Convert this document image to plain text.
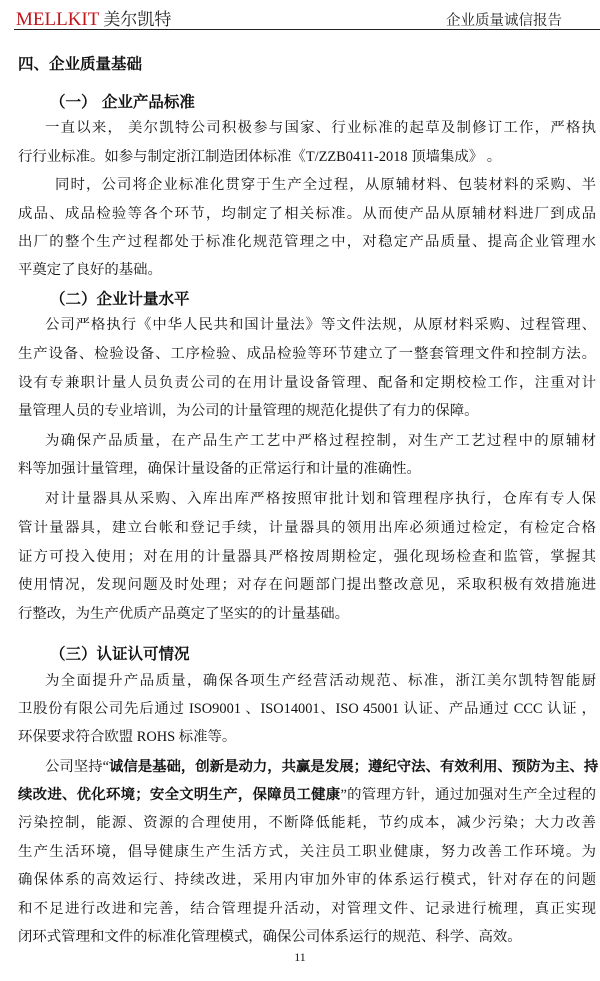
MELLKIT 美尔凯特	企业质量诚信报告
四、企业质量基础
（一） 企业产品标准
一直以来， 美尔凯特公司积极参与国家、行业标准的起草及制修订工作，严格执
行行业标准。如参与制定浙江制造团体标准《T/ZZB0411-2018 顶墙集成》 。
同时，公司将企业标准化贯穿于生产全过程，从原辅材料、包装材料的采购、半
成品、成品检验等各个环节，均制定了相关标准。从而使产品从原辅材料进厂到成品
出厂的整个生产过程都处于标准化规范管理之中，对稳定产品质量、提高企业管理水
平奠定了良好的基础。
（二）企业计量水平
公司严格执行《中华人民共和国计量法》等文件法规，从原材料采购、过程管理、
生产设备、检验设备、工序检验、成品检验等环节建立了一整套管理文件和控制方法。
设有专兼职计量人员负责公司的在用计量设备管理、配备和定期校检工作，注重对计
量管理人员的专业培训，为公司的计量管理的规范化提供了有力的保障。
为确保产品质量，在产品生产工艺中严格过程控制，对生产工艺过程中的原辅材
料等加强计量管理，确保计量设备的正常运行和计量的准确性。
对计量器具从采购、入库出库严格按照审批计划和管理程序执行，仓库有专人保
管计量器具，建立台帐和登记手续，计量器具的领用出库必须通过检定，有检定合格
证方可投入使用；对在用的计量器具严格按周期检定，强化现场检查和监管，掌握其
使用情况，发现问题及时处理；对存在问题部门提出整改意见，采取积极有效措施进
行整改，为生产优质产品奠定了坚实的的计量基础。
（三）认证认可情况
为全面提升产品质量，确保各项生产经营活动规范、标准，浙江美尔凯特智能厨
卫股份有限公司先后通过 ISO9001 、ISO14001、ISO 45001 认证、产品通过 CCC 认证 ，
环保要求符合欧盟 ROHS 标准等。
公司坚持“诚信是基础，创新是动力，共赢是发展；遵纪守法、有效利用、预防为主、持
续改进、优化环境；安全文明生产，保障员工健康”的管理方针，通过加强对生产全过程的
污染控制，能源、资源的合理使用，不断降低能耗，节约成本，减少污染；大力改善
生产生活环境，倡导健康生产生活方式，关注员工职业健康，努力改善工作环境。为
确保体系的高效运行、持续改进，采用内审加外审的体系运行模式，针对存在的问题
和不足进行改进和完善，结合管理提升活动，对管理文件、记录进行梳理，真正实现
闭环式管理和文件的标准化管理模式，确保公司体系运行的规范、科学、高效。
11
